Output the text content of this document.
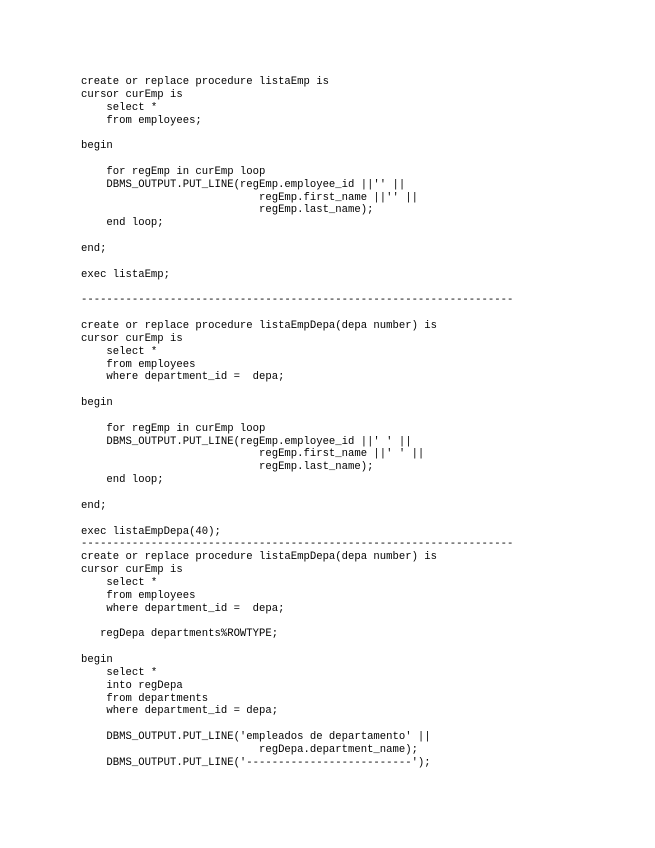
create or replace procedure listaEmp is
cursor curEmp is
select *
from employees;
begin
for regEmp in curEmp loop
DBMS_OUTPUT.PUT_LINE(regEmp.employee_id ||'' ||
regEmp.first_name ||'' ||
regEmp.last_name);
end loop;
end;
exec listaEmp;
--------------------------------------------------------------------
create or replace procedure listaEmpDepa(depa number) is
cursor curEmp is
select *
from employees
where department_id =  depa;
begin
for regEmp in curEmp loop
DBMS_OUTPUT.PUT_LINE(regEmp.employee_id ||' ' ||
regEmp.first_name ||' ' ||
regEmp.last_name);
end loop;
end;
exec listaEmpDepa(40);
--------------------------------------------------------------------
create or replace procedure listaEmpDepa(depa number) is
cursor curEmp is
select *
from employees
where department_id =  depa;
regDepa departments%ROWTYPE;
begin
select *
into regDepa
from departments
where department_id = depa;
DBMS_OUTPUT.PUT_LINE('empleados de departamento' ||
regDepa.department_name);
DBMS_OUTPUT.PUT_LINE('--------------------------');
